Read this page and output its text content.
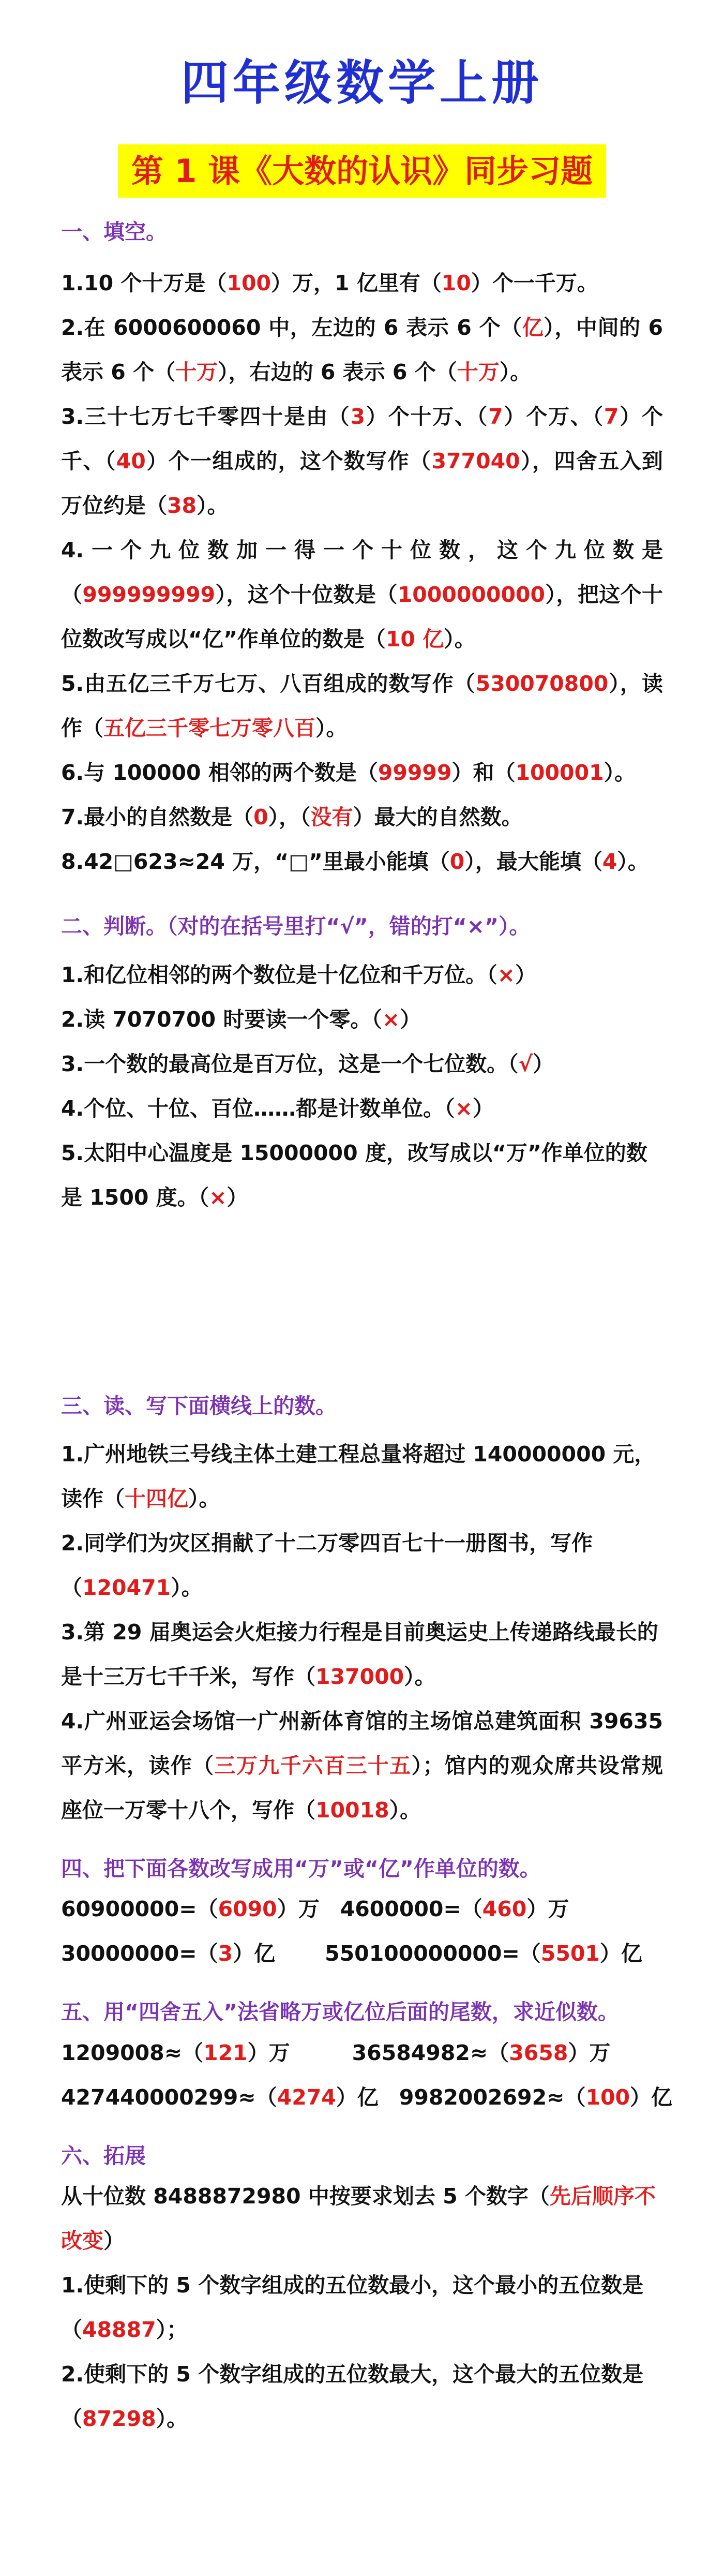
四年级数学上册
第 1 课《大数的认识》同步习题

一、填空。

1.10 个十万是（100）万，1 亿里有（10）个一千万。

2.在 6000600060 中，左边的 6 表示 6 个（亿），中间的 6 表示 6 个（十万），右边的 6 表示 6 个（十万）。

3.三十七万七千零四十是由（3）个十万、（7）个万、（7）个千、（40）个一组成的，这个数写作（377040），四舍五入到万位约是（38）。

4.一个九位数加一得一个十位数，这个九位数是（999999999），这个十位数是（1000000000），把这个十位数改写成以“亿”作单位的数是（10 亿）。

5.由五亿三千万七万、八百组成的数写作（530070800），读作（五亿三千零七万零八百）。

6.与 100000 相邻的两个数是（99999）和（100001）。

7.最小的自然数是（0），（没有）最大的自然数。

8.42□623≈24 万，“□”里最小能填（0），最大能填（4）。

二、判断。（对的在括号里打“√”，错的打“×”）。

1.和亿位相邻的两个数位是十亿位和千万位。（×）

2.读 7070700 时要读一个零。（×）

3.一个数的最高位是百万位，这是一个七位数。（√）

4.个位、十位、百位……都是计数单位。（×）

5.太阳中心温度是 15000000 度，改写成以“万”作单位的数是 1500 度。（×）

三、读、写下面横线上的数。

1.广州地铁三号线主体土建工程总量将超过 140000000 元，读作（十四亿）。

2.同学们为灾区捐献了十二万零四百七十一册图书，写作（120471）。

3.第 29 届奥运会火炬接力行程是目前奥运史上传递路线最长的是十三万七千千米，写作（137000）。

4.广州亚运会场馆一广州新体育馆的主场馆总建筑面积 39635 平方米，读作（三万九千六百三十五）；馆内的观众席共设常规座位一万零十八个，写作（10018）。

四、把下面各数改写成用“万”或“亿”作单位的数。

60900000=（6090）万 4600000=（460）万

30000000=（3）亿 550100000000=（5501）亿

五、用“四舍五入”法省略万或亿位后面的尾数，求近似数。

1209008≈（121）万	36584982≈（3658）万

427440000299≈（4274）亿 9982002692≈（100）亿

六、拓展

从十位数 8488872980 中按要求划去 5 个数字（先后顺序不改变）

1.使剩下的 5 个数字组成的五位数最小，这个最小的五位数是（48887）；

2.使剩下的 5 个数字组成的五位数最大，这个最大的五位数是（87298）。
